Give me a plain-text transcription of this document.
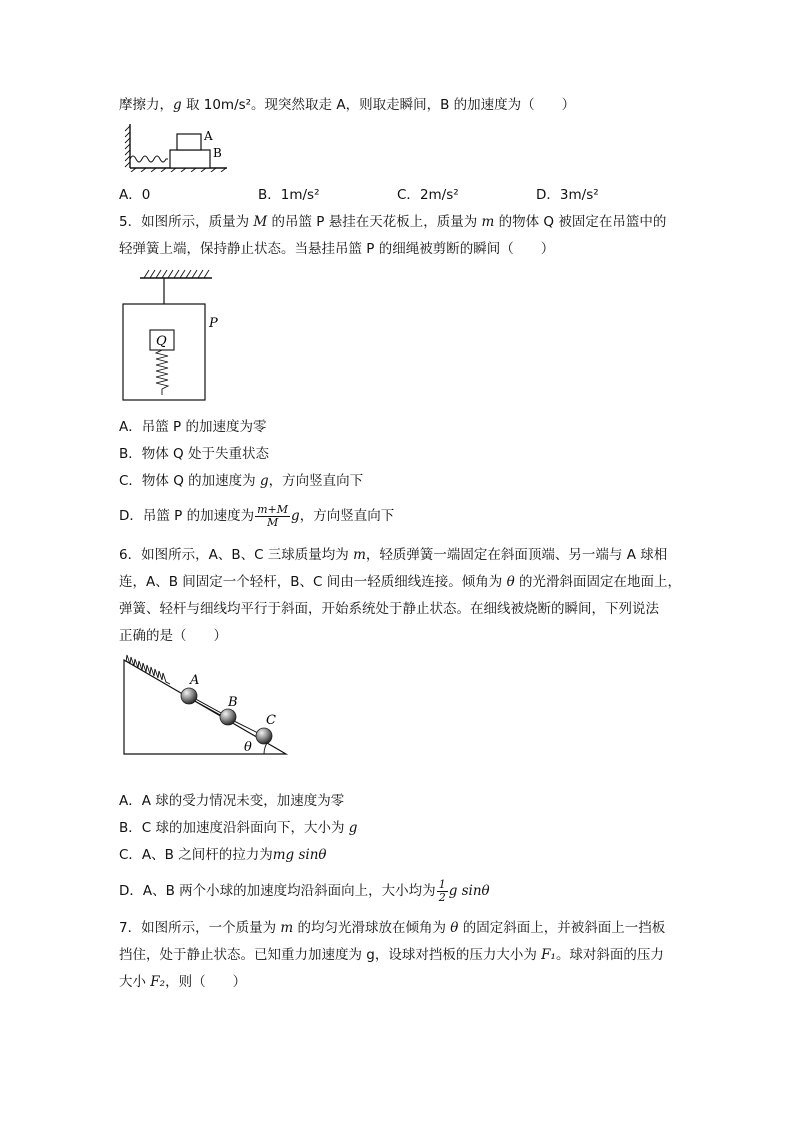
摩擦力，g 取 10m/s²。现突然取走 A，则取走瞬间，B 的加速度为（　　）
A
B
A．0	B．1m/s²	C．2m/s²	D．3m/s²
5．如图所示，质量为 M 的吊篮 P 悬挂在天花板上，质量为 m 的物体 Q 被固定在吊篮中的
轻弹簧上端，保持静止状态。当悬挂吊篮 P 的细绳被剪断的瞬间（　　）
Q
P
A．吊篮 P 的加速度为零
B．物体 Q 处于失重状态
C．物体 Q 的加速度为 g，方向竖直向下
D．吊篮 P 的加速度为 $\frac{m+M}{M}$ g，方向竖直向下
6．如图所示，A、B、C 三球质量均为 m，轻质弹簧一端固定在斜面顶端、另一端与 A 球相
连，A、B 间固定一个轻杆，B、C 间由一轻质细线连接。倾角为 θ 的光滑斜面固定在地面上，
弹簧、轻杆与细线均平行于斜面，开始系统处于静止状态。在细线被烧断的瞬间，下列说法
正确的是（　　）
A
B
C
θ
A．A 球的受力情况未变，加速度为零
B．C 球的加速度沿斜面向下，大小为 g
C．A、B 之间杆的拉力为mg sinθ
D．A、B 两个小球的加速度均沿斜面向上，大小均为 $\frac{1}{2}$ g sinθ
7．如图所示，一个质量为 m 的均匀光滑球放在倾角为 θ 的固定斜面上，并被斜面上一挡板
挡住，处于静止状态。已知重力加速度为 g，设球对挡板的压力大小为 F₁。球对斜面的压力
大小 F₂，则（　　）
